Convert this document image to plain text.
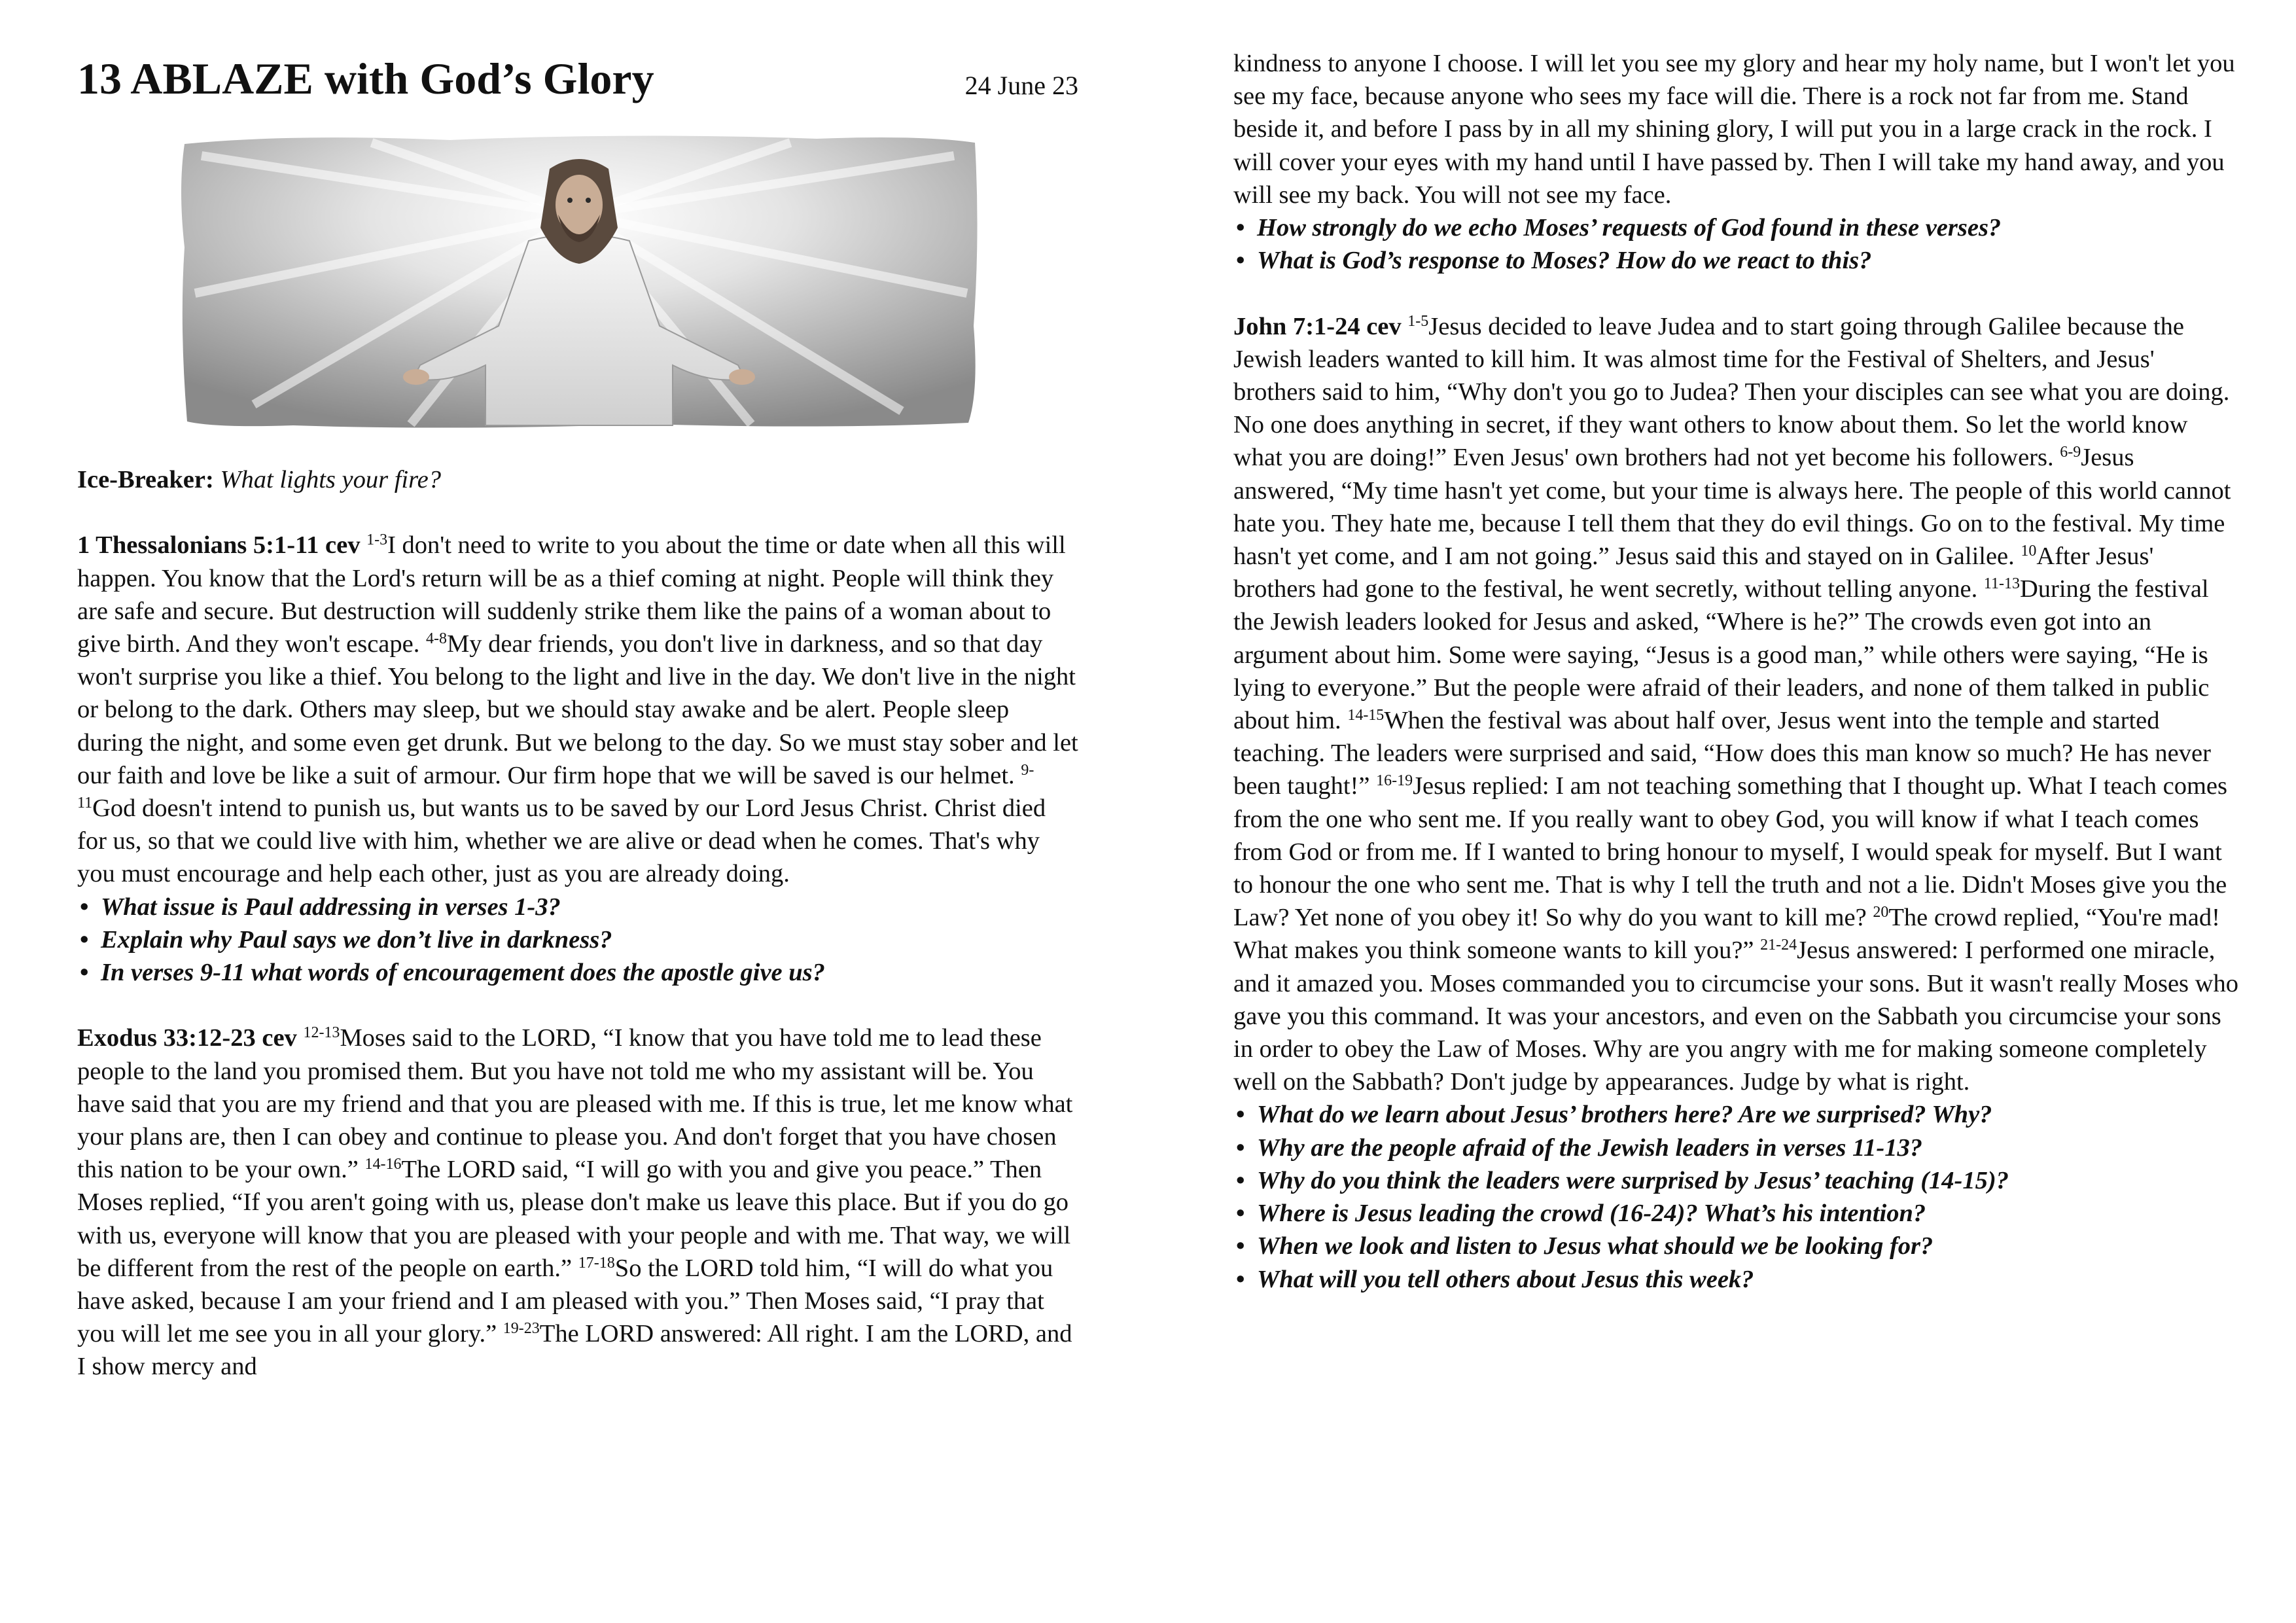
13 ABLAZE with God’s Glory	24 June 23

Ice-Breaker: What lights your fire?

1 Thessalonians 5:1-11 cev $^{1-3}$I don't need to write to you about the time or date when all this will happen. You know that the Lord's return will be as a thief coming at night. People will think they are safe and secure. But destruction will suddenly strike them like the pains of a woman about to give birth. And they won't escape. $^{4-8}$My dear friends, you don't live in darkness, and so that day won't surprise you like a thief. You belong to the light and live in the day. We don't live in the night or belong to the dark. Others may sleep, but we should stay awake and be alert. People sleep during the night, and some even get drunk. But we belong to the day. So we must stay sober and let our faith and love be like a suit of armour. Our firm hope that we will be saved is our helmet. $^{9-11}$God doesn't intend to punish us, but wants us to be saved by our Lord Jesus Christ. Christ died for us, so that we could live with him, whether we are alive or dead when he comes. That's why you must encourage and help each other, just as you are already doing.

• What issue is Paul addressing in verses 1-3?
• Explain why Paul says we don’t live in darkness?
• In verses 9-11 what words of encouragement does the apostle give us?

Exodus 33:12-23 cev $^{12-13}$Moses said to the LORD, “I know that you have told me to lead these people to the land you promised them. But you have not told me who my assistant will be. You have said that you are my friend and that you are pleased with me. If this is true, let me know what your plans are, then I can obey and continue to please you. And don't forget that you have chosen this nation to be your own.” $^{14-16}$The LORD said, “I will go with you and give you peace.” Then Moses replied, “If you aren't going with us, please don't make us leave this place. But if you do go with us, everyone will know that you are pleased with your people and with me. That way, we will be different from the rest of the people on earth.” $^{17-18}$So the LORD told him, “I will do what you have asked, because I am your friend and I am pleased with you.” Then Moses said, “I pray that you will let me see you in all your glory.” $^{19-23}$The LORD answered: All right. I am the LORD, and I show mercy and

kindness to anyone I choose. I will let you see my glory and hear my holy name, but I won't let you see my face, because anyone who sees my face will die. There is a rock not far from me. Stand beside it, and before I pass by in all my shining glory, I will put you in a large crack in the rock. I will cover your eyes with my hand until I have passed by. Then I will take my hand away, and you will see my back. You will not see my face.

• How strongly do we echo Moses’ requests of God found in these verses?
• What is God’s response to Moses? How do we react to this?

John 7:1-24 cev $^{1-5}$Jesus decided to leave Judea and to start going through Galilee because the Jewish leaders wanted to kill him. It was almost time for the Festival of Shelters, and Jesus' brothers said to him, “Why don't you go to Judea? Then your disciples can see what you are doing. No one does anything in secret, if they want others to know about them. So let the world know what you are doing!” Even Jesus' own brothers had not yet become his followers. $^{6-9}$Jesus answered, “My time hasn't yet come, but your time is always here. The people of this world cannot hate you. They hate me, because I tell them that they do evil things. Go on to the festival. My time hasn't yet come, and I am not going.” Jesus said this and stayed on in Galilee. $^{10}$After Jesus' brothers had gone to the festival, he went secretly, without telling anyone. $^{11-13}$During the festival the Jewish leaders looked for Jesus and asked, “Where is he?” The crowds even got into an argument about him. Some were saying, “Jesus is a good man,” while others were saying, “He is lying to everyone.” But the people were afraid of their leaders, and none of them talked in public about him. $^{14-15}$When the festival was about half over, Jesus went into the temple and started teaching. The leaders were surprised and said, “How does this man know so much? He has never been taught!” $^{16-19}$Jesus replied: I am not teaching something that I thought up. What I teach comes from the one who sent me. If you really want to obey God, you will know if what I teach comes from God or from me. If I wanted to bring honour to myself, I would speak for myself. But I want to honour the one who sent me. That is why I tell the truth and not a lie. Didn't Moses give you the Law? Yet none of you obey it! So why do you want to kill me? $^{20}$The crowd replied, “You're mad! What makes you think someone wants to kill you?” $^{21-24}$Jesus answered: I performed one miracle, and it amazed you. Moses commanded you to circumcise your sons. But it wasn't really Moses who gave you this command. It was your ancestors, and even on the Sabbath you circumcise your sons in order to obey the Law of Moses. Why are you angry with me for making someone completely well on the Sabbath? Don't judge by appearances. Judge by what is right.

• What do we learn about Jesus’ brothers here? Are we surprised? Why?
• Why are the people afraid of the Jewish leaders in verses 11-13?
• Why do you think the leaders were surprised by Jesus’ teaching (14-15)?
• Where is Jesus leading the crowd (16-24)? What’s his intention?
• When we look and listen to Jesus what should we be looking for?
• What will you tell others about Jesus this week?
